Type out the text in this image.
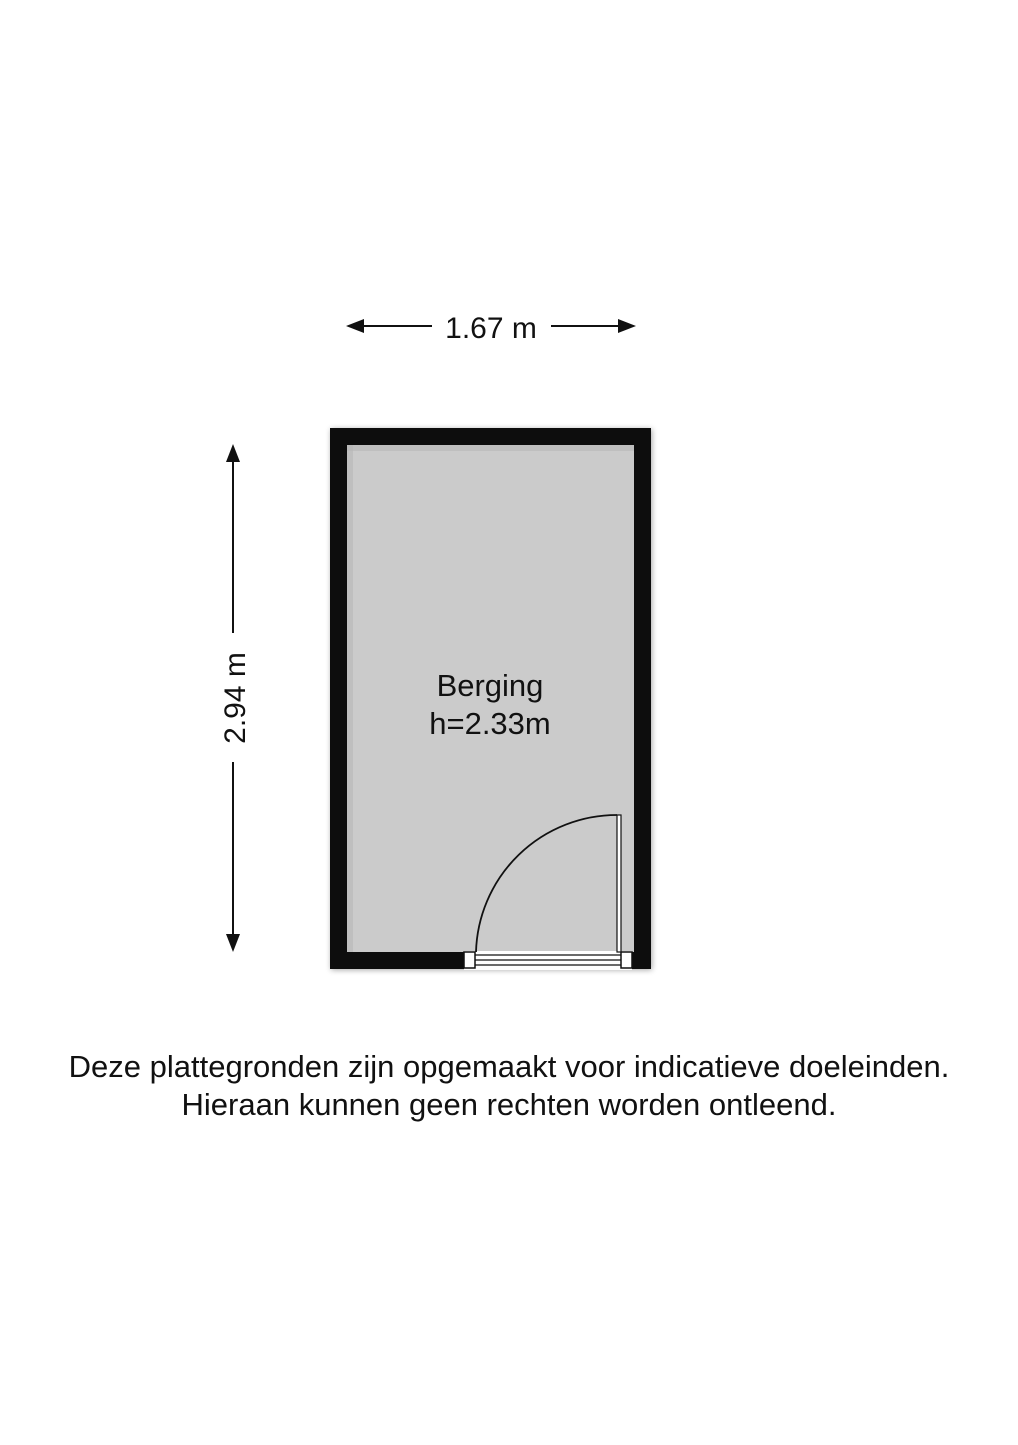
1.67 m
2.94 m	Berging
h=2.33m
Deze plattegronden zijn opgemaakt voor indicatieve doeleinden.
Hieraan kunnen geen rechten worden ontleend.
